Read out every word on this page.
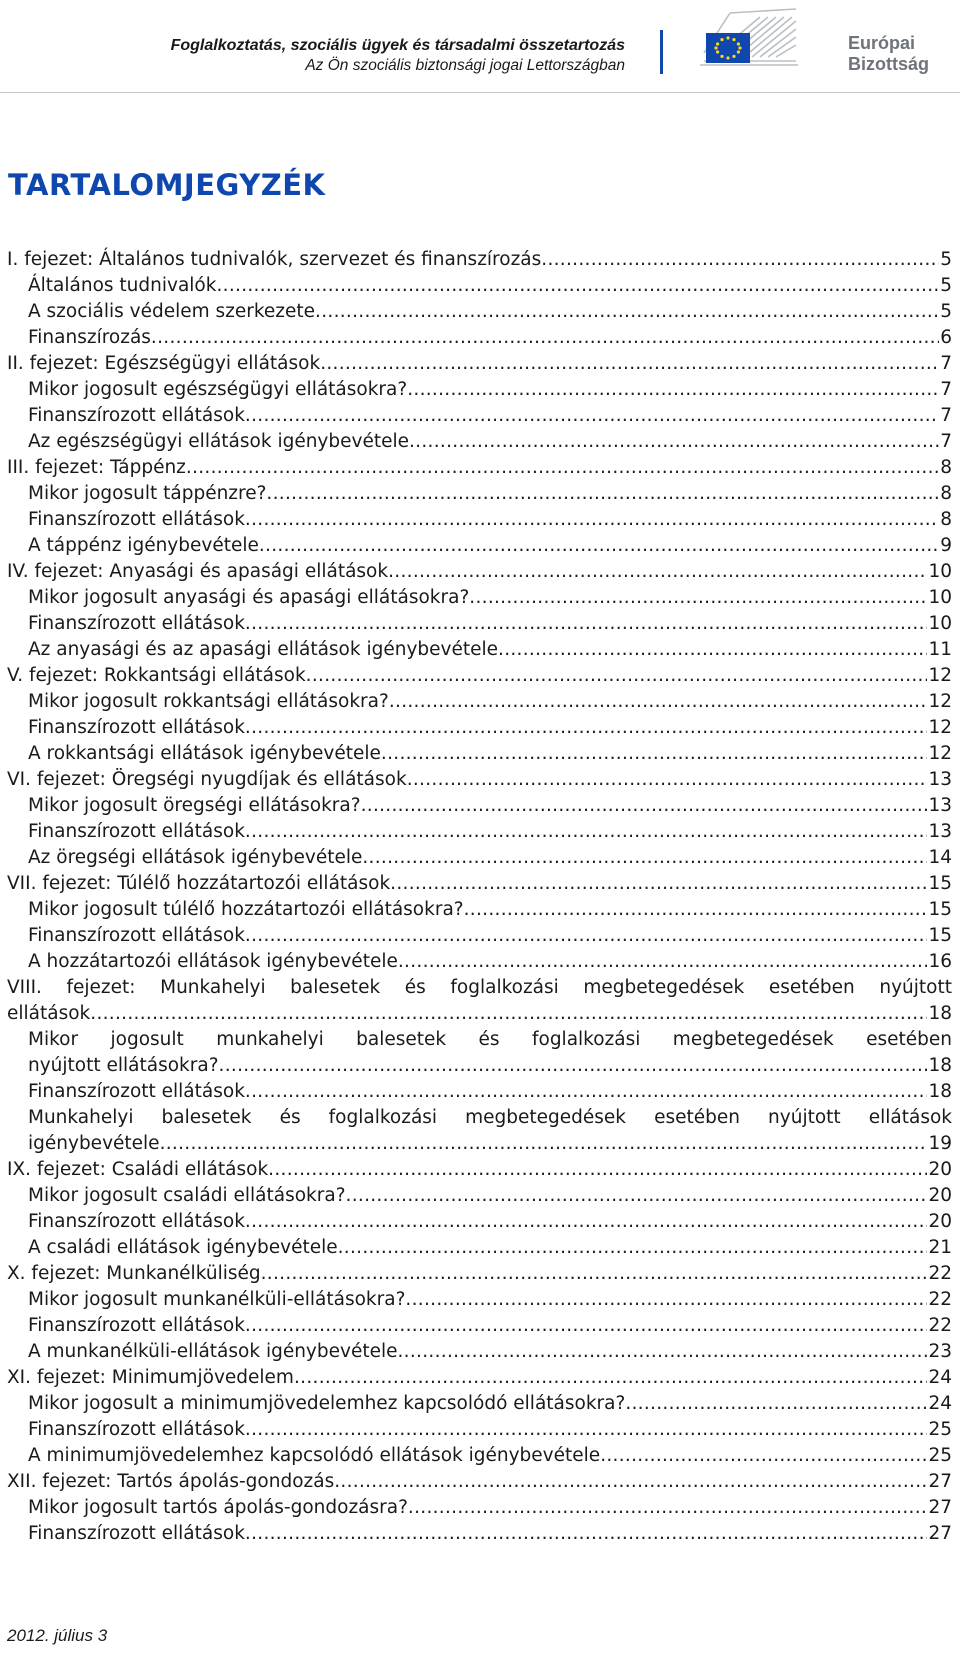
Foglalkoztatás, szociális ügyek és társadalmi összetartozás
Az Ön szociális biztonsági jogai Lettországban
Európai
Bizottság
TARTALOMJEGYZÉK
I. fejezet: Általános tudnivalók, szervezet és finanszírozás .....	5
Általános tudnivalók .....	5
A szociális védelem szerkezete .....	5
Finanszírozás .....	6
II. fejezet: Egészségügyi ellátások .....	7
Mikor jogosult egészségügyi ellátásokra? .....	7
Finanszírozott ellátások .....	7
Az egészségügyi ellátások igénybevétele .....	7
III. fejezet: Táppénz .....	8
Mikor jogosult táppénzre? .....	8
Finanszírozott ellátások .....	8
A táppénz igénybevétele .....	9
IV. fejezet: Anyasági és apasági ellátások .....	10
Mikor jogosult anyasági és apasági ellátásokra? .....	10
Finanszírozott ellátások .....	10
Az anyasági és az apasági ellátások igénybevétele .....	11
V. fejezet: Rokkantsági ellátások .....	12
Mikor jogosult rokkantsági ellátásokra? .....	12
Finanszírozott ellátások .....	12
A rokkantsági ellátások igénybevétele .....	12
VI. fejezet: Öregségi nyugdíjak és ellátások .....	13
Mikor jogosult öregségi ellátásokra? .....	13
Finanszírozott ellátások .....	13
Az öregségi ellátások igénybevétele .....	14
VII. fejezet: Túlélő hozzátartozói ellátások .....	15
Mikor jogosult túlélő hozzátartozói ellátásokra? .....	15
Finanszírozott ellátások .....	15
A hozzátartozói ellátások igénybevétele .....	16
VIII. fejezet: Munkahelyi balesetek és foglalkozási megbetegedések esetében nyújtott
ellátások .....	18
Mikor jogosult munkahelyi balesetek és foglalkozási megbetegedések esetében
nyújtott ellátásokra? .....	18
Finanszírozott ellátások .....	18
Munkahelyi balesetek és foglalkozási megbetegedések esetében nyújtott ellátások
igénybevétele .....	19
IX. fejezet: Családi ellátások .....	20
Mikor jogosult családi ellátásokra? .....	20
Finanszírozott ellátások .....	20
A családi ellátások igénybevétele .....	21
X. fejezet: Munkanélküliség .....	22
Mikor jogosult munkanélküli-ellátásokra? .....	22
Finanszírozott ellátások .....	22
A munkanélküli-ellátások igénybevétele .....	23
XI. fejezet: Minimumjövedelem .....	24
Mikor jogosult a minimumjövedelemhez kapcsolódó ellátásokra? .....	24
Finanszírozott ellátások .....	25
A minimumjövedelemhez kapcsolódó ellátások igénybevétele .....	25
XII. fejezet: Tartós ápolás-gondozás .....	27
Mikor jogosult tartós ápolás-gondozásra? .....	27
Finanszírozott ellátások .....	27
2012. július 3
